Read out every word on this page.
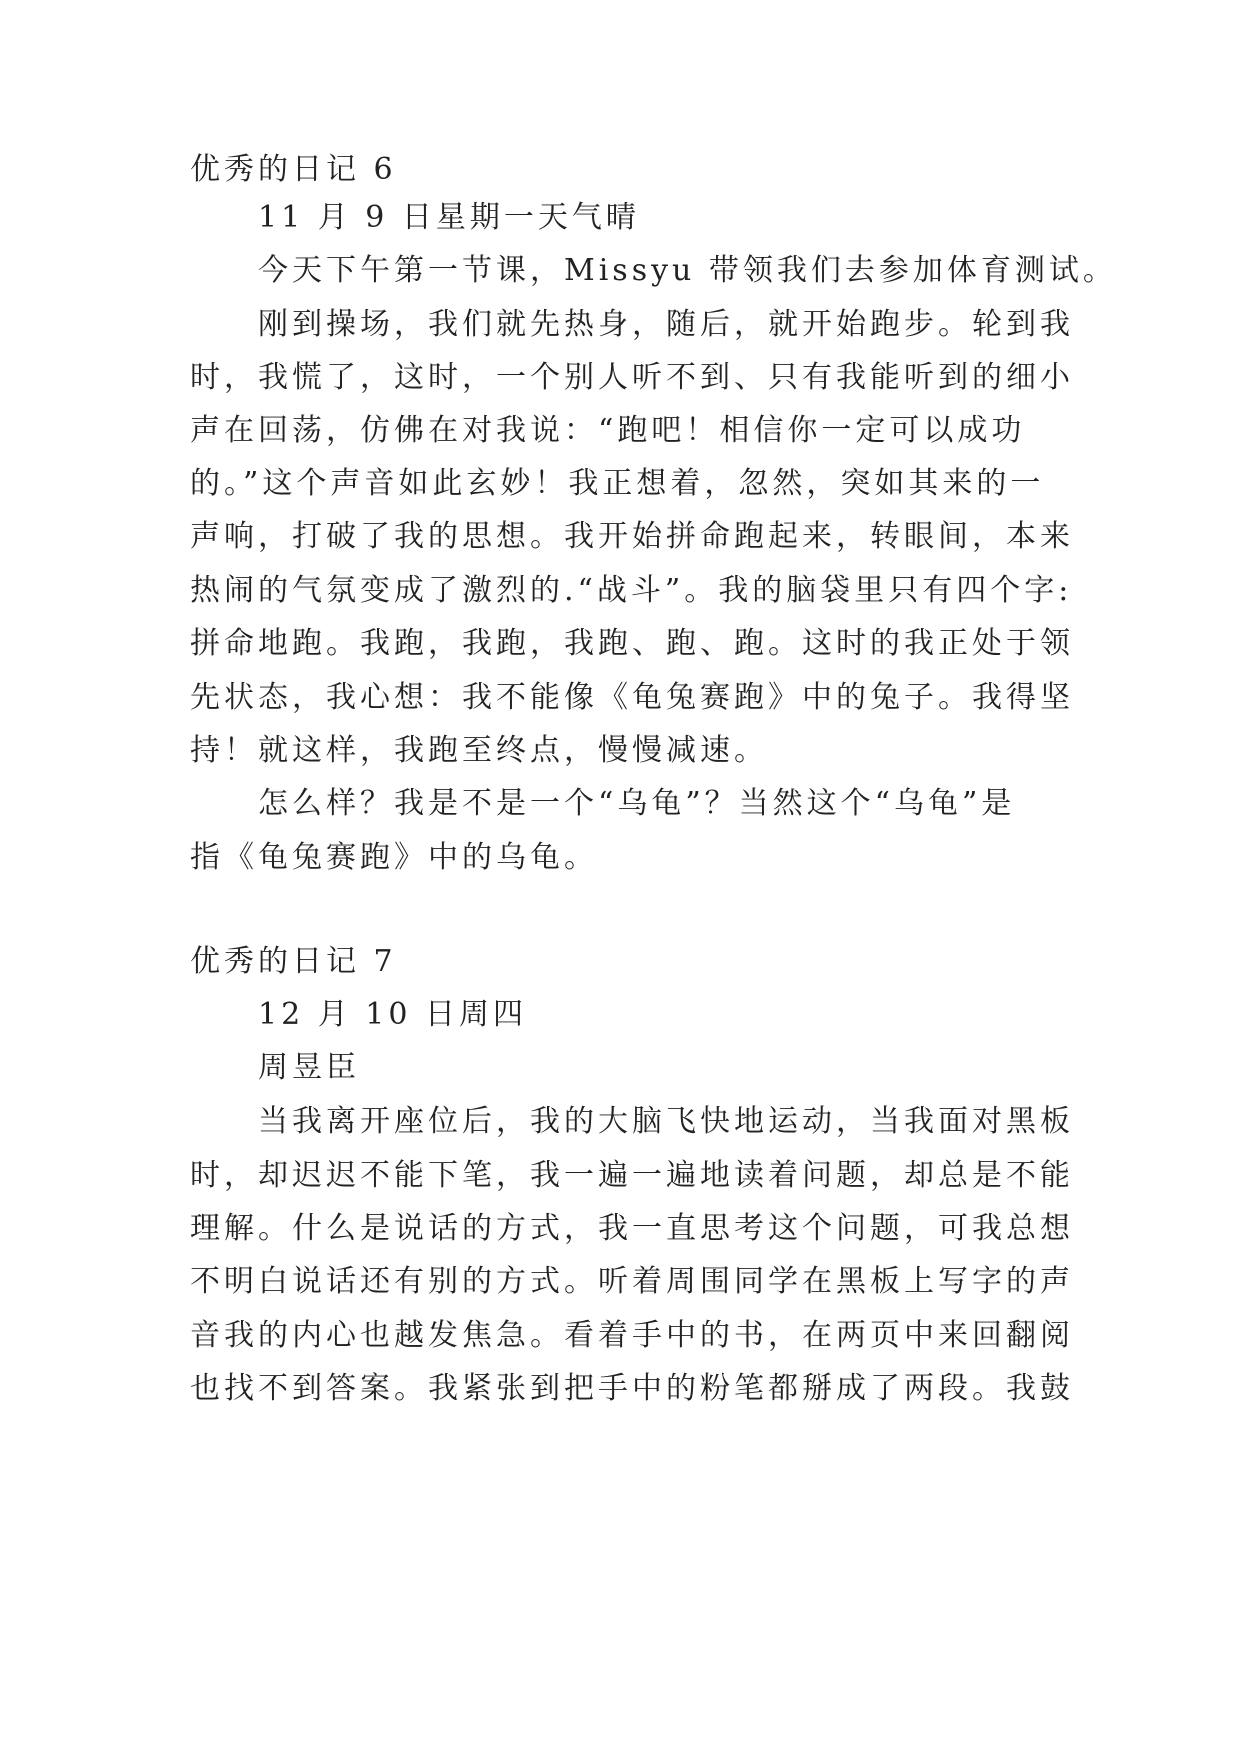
优秀的日记 6
11 月 9 日星期一天气晴
今天下午第一节课，Missyu 带领我们去参加体育测试。
刚到操场，我们就先热身，随后，就开始跑步。轮到我
时，我慌了，这时，一个别人听不到、只有我能听到的细小
声在回荡，仿佛在对我说：“跑吧！相信你一定可以成功
的。”这个声音如此玄妙！我正想着，忽然，突如其来的一
声响，打破了我的思想。我开始拼命跑起来，转眼间，本来
热闹的气氛变成了激烈的.“战斗”。我的脑袋里只有四个字:
拼命地跑。我跑，我跑，我跑、跑、跑。这时的我正处于领
先状态，我心想：我不能像《龟兔赛跑》中的兔子。我得坚
持！就这样，我跑至终点，慢慢减速。
怎么样？我是不是一个“乌龟”？当然这个“乌龟”是
指《龟兔赛跑》中的乌龟。
优秀的日记 7
12 月 10 日周四
周昱臣
当我离开座位后，我的大脑飞快地运动，当我面对黑板
时，却迟迟不能下笔，我一遍一遍地读着问题，却总是不能
理解。什么是说话的方式，我一直思考这个问题，可我总想
不明白说话还有别的方式。听着周围同学在黑板上写字的声
音我的内心也越发焦急。看着手中的书，在两页中来回翻阅
也找不到答案。我紧张到把手中的粉笔都掰成了两段。我鼓
